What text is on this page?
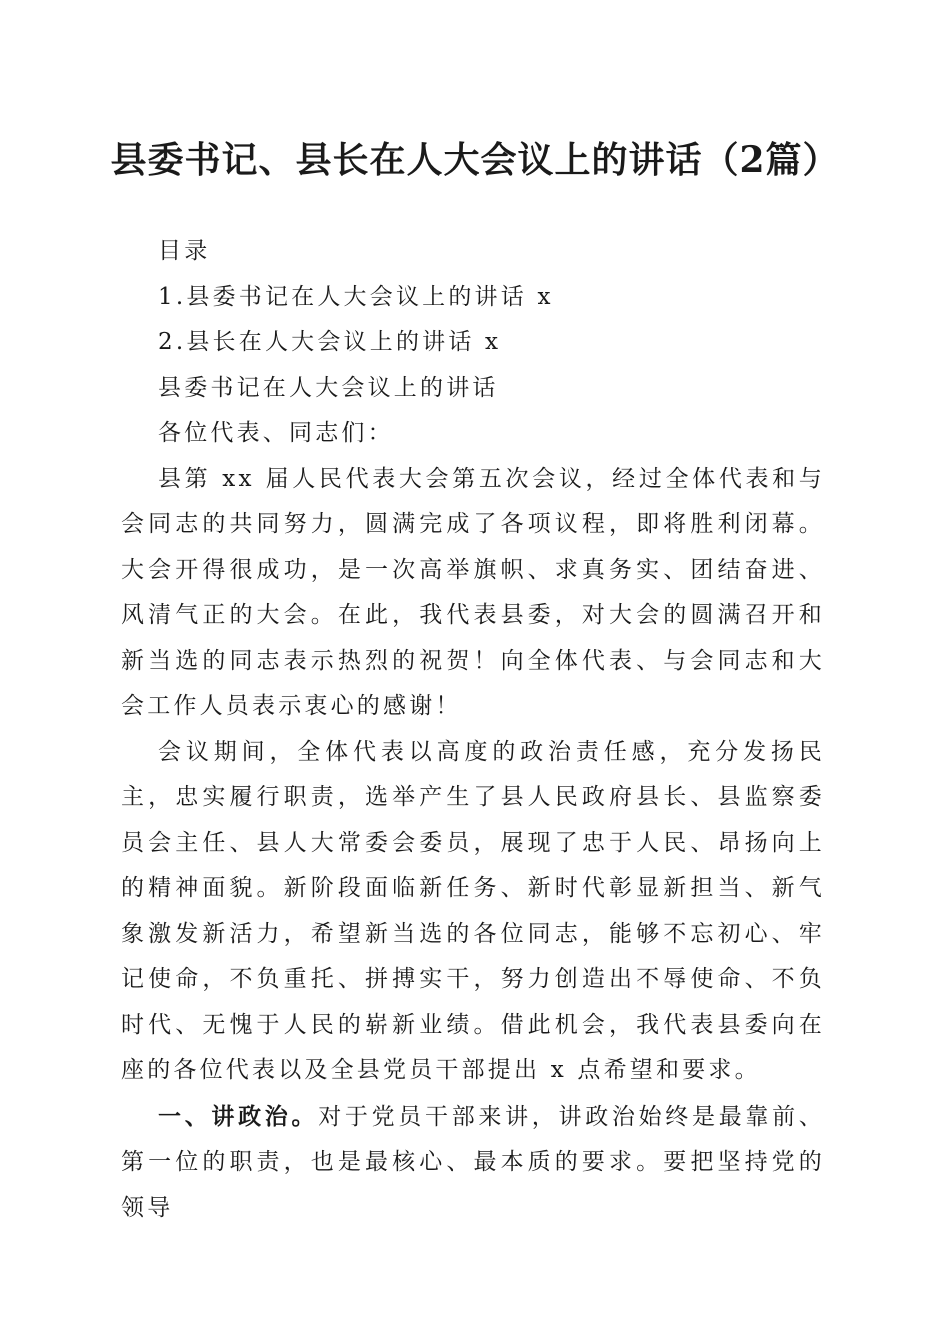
县委书记、县长在人大会议上的讲话（2篇）
目录
1.县委书记在人大会议上的讲话 x
2.县长在人大会议上的讲话 x
县委书记在人大会议上的讲话
各位代表、同志们：

县第 xx 届人民代表大会第五次会议，经过全体代表和与会同志的共同努力，圆满完成了各项议程，即将胜利闭幕。大会开得很成功，是一次高举旗帜、求真务实、团结奋进、风清气正的大会。在此，我代表县委，对大会的圆满召开和新当选的同志表示热烈的祝贺！向全体代表、与会同志和大会工作人员表示衷心的感谢！

会议期间，全体代表以高度的政治责任感，充分发扬民主，忠实履行职责，选举产生了县人民政府县长、县监察委员会主任、县人大常委会委员，展现了忠于人民、昂扬向上的精神面貌。新阶段面临新任务、新时代彰显新担当、新气象激发新活力，希望新当选的各位同志，能够不忘初心、牢记使命，不负重托、拼搏实干，努力创造出不辱使命、不负时代、无愧于人民的崭新业绩。借此机会，我代表县委向在座的各位代表以及全县党员干部提出 x 点希望和要求。

一、讲政治。对于党员干部来讲，讲政治始终是最靠前、第一位的职责，也是最核心、最本质的要求。要把坚持党的领导
